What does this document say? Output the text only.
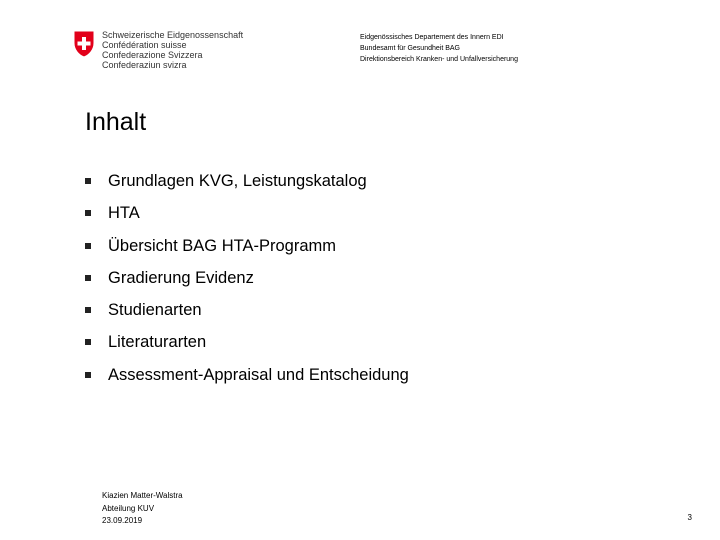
Schweizerische Eidgenossenschaft
Confédération suisse
Confederazione Svizzera
Confederaziun svizra
Eidgenössisches Departement des Innern EDI
Bundesamt für Gesundheit BAG
Direktionsbereich Kranken- und Unfallversicherung
Inhalt
Grundlagen KVG, Leistungskatalog
HTA
Übersicht BAG HTA-Programm
Gradierung Evidenz
Studienarten
Literaturarten
Assessment-Appraisal und Entscheidung
Kiazien Matter-Walstra
Abteilung KUV
23.09.2019	3
